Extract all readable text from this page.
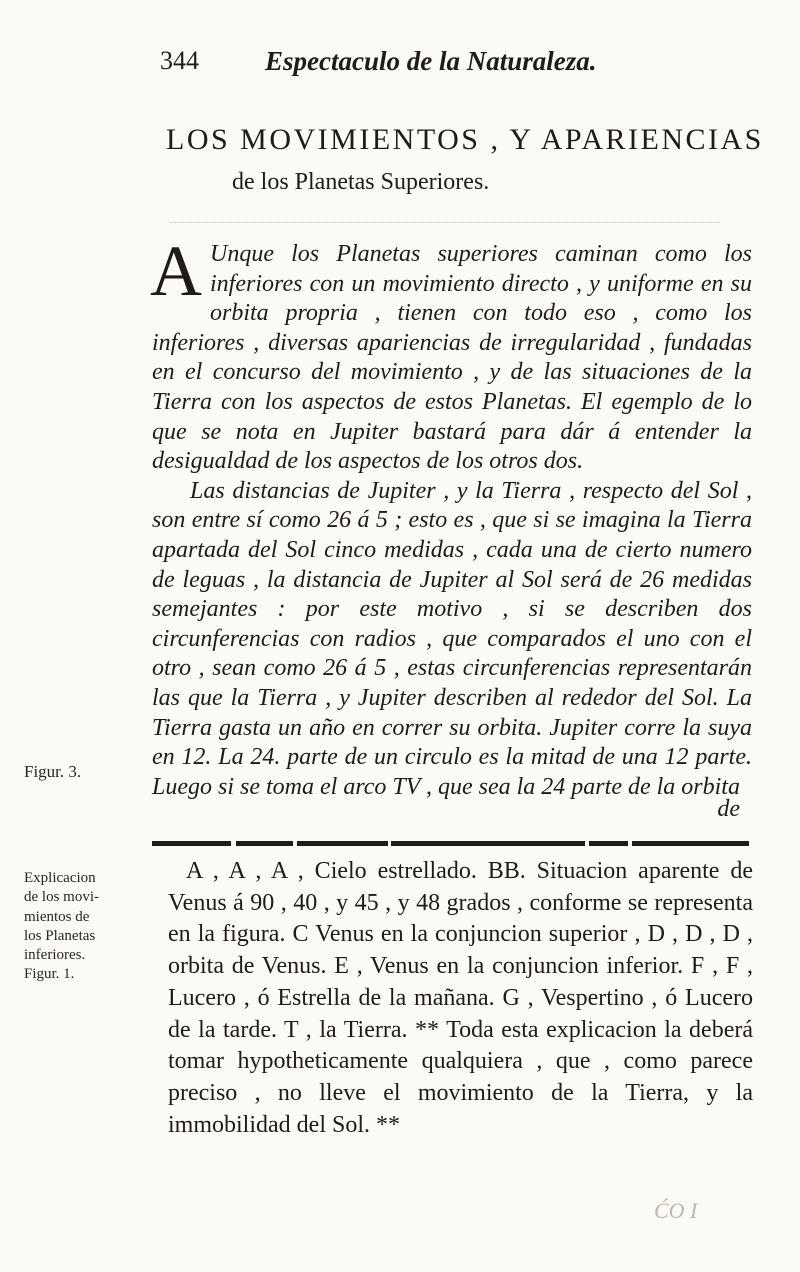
344 Espectaculo de la Naturaleza.
LOS MOVIMIENTOS , Y APARIENCIAS
de los Planetas Superiores.

A Unque los Planetas superiores caminan como los inferiores con un movimiento directo , y uniforme en su orbita propria , tienen con todo eso , como los inferiores , diversas apariencias de irregularidad , fundadas en el concurso del movimiento , y de las situaciones de la Tierra con los aspectos de estos Planetas. El egemplo de lo que se nota en Jupiter bastará para dár á entender la desigualdad de los aspectos de los otros dos.

Las distancias de Jupiter , y la Tierra , respecto del Sol , son entre sí como 26 á 5 ; esto es , que si se imagina la Tierra apartada del Sol cinco medidas , cada una de cierto numero de leguas , la distancia de Jupiter al Sol será de 26 medidas semejantes : por este motivo , si se describen dos circunferencias con radios , que comparados el uno con el otro , sean como 26 á 5 , estas circunferencias representarán las que la Tierra , y Jupiter describen al rededor del Sol. La Tierra gasta un año en correr su orbita. Jupiter corre la suya en 12. La 24. parte de un circulo es la mitad de una 12 parte. Luego si se toma el arco TV , que sea la 24 parte de la orbita

de
Figur. 3.
Explicacion
de los movi-
mientos de
los Planetas
inferiores.
Figur. 1.

A , A , A , Cielo estrellado. BB. Situacion aparente de Venus á 90 , 40 , y 45 , y 48 grados , conforme se representa en la figura. C Venus en la conjuncion superior , D , D , D , orbita de Venus. E , Venus en la conjuncion inferior. F , F , Lucero , ó Estrella de la mañana. G , Vespertino , ó Lucero de la tarde. T , la Tierra. ** Toda esta explicacion la deberá tomar hypotheticamente qualquiera , que , como parece preciso , no lleve el movimiento de la Tierra, y la immobilidad del Sol. **

ĆO I
